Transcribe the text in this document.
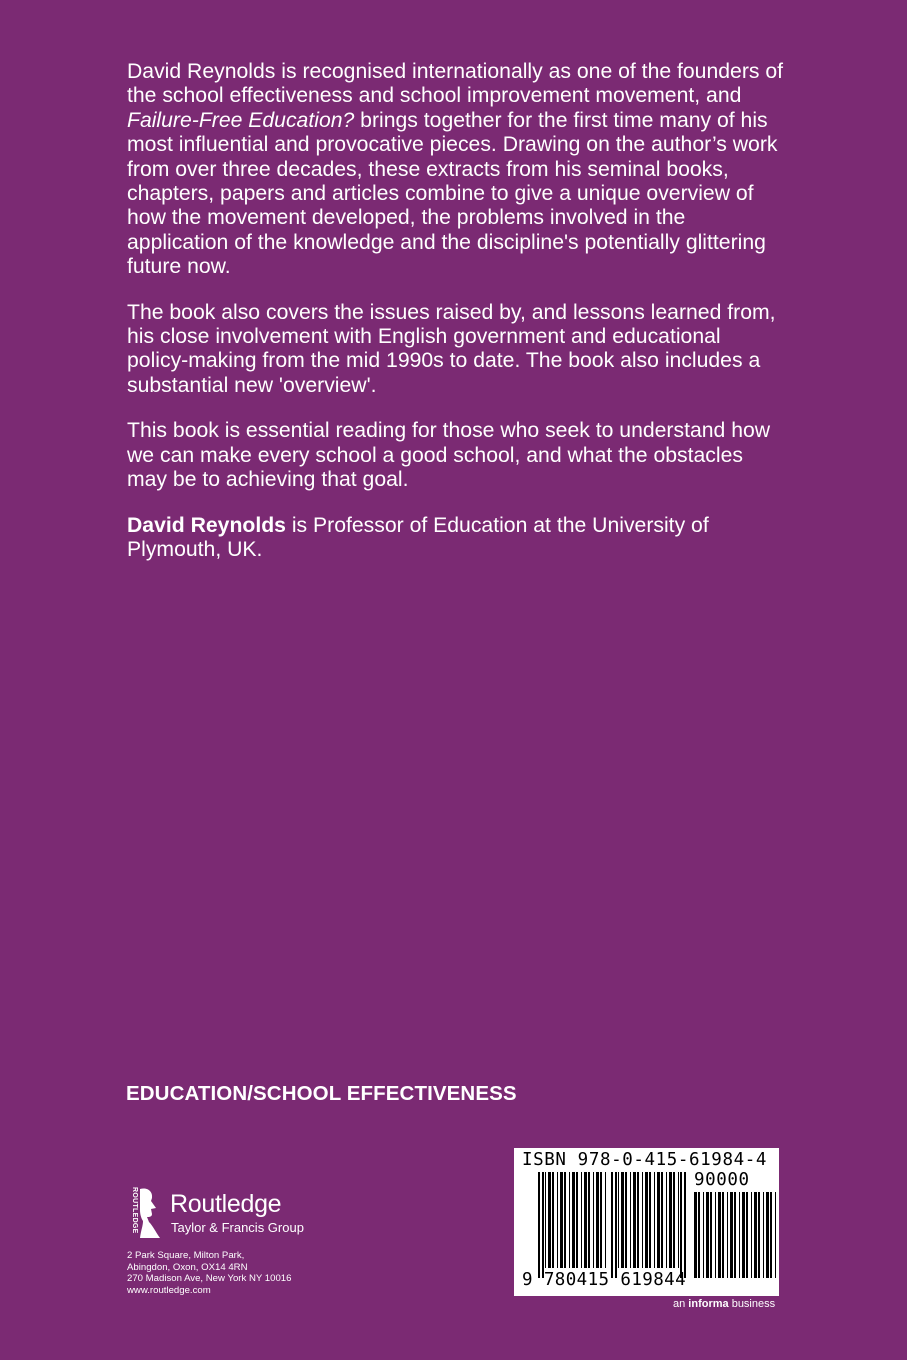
David Reynolds is recognised internationally as one of the founders of the school effectiveness and school improvement movement, and Failure-Free Education? brings together for the first time many of his most influential and provocative pieces. Drawing on the author’s work from over three decades, these extracts from his seminal books, chapters, papers and articles combine to give a unique overview of how the movement developed, the problems involved in the application of the knowledge and the discipline's potentially glittering future now.

The book also covers the issues raised by, and lessons learned from, his close involvement with English government and educational policy-making from the mid 1990s to date. The book also includes a substantial new 'overview'.

This book is essential reading for those who seek to understand how we can make every school a good school, and what the obstacles may be to achieving that goal.

David Reynolds is Professor of Education at the University of Plymouth, UK.

EDUCATION/SCHOOL EFFECTIVENESS
ROUTLEDGE Routledge
Taylor & Francis Group
2 Park Square, Milton Park,
Abingdon, Oxon, OX14 4RN
270 Madison Ave, New York NY 10016
www.routledge.com
ISBN 978-0-415-61984-4
90000
9 780415 619844
an informa business
